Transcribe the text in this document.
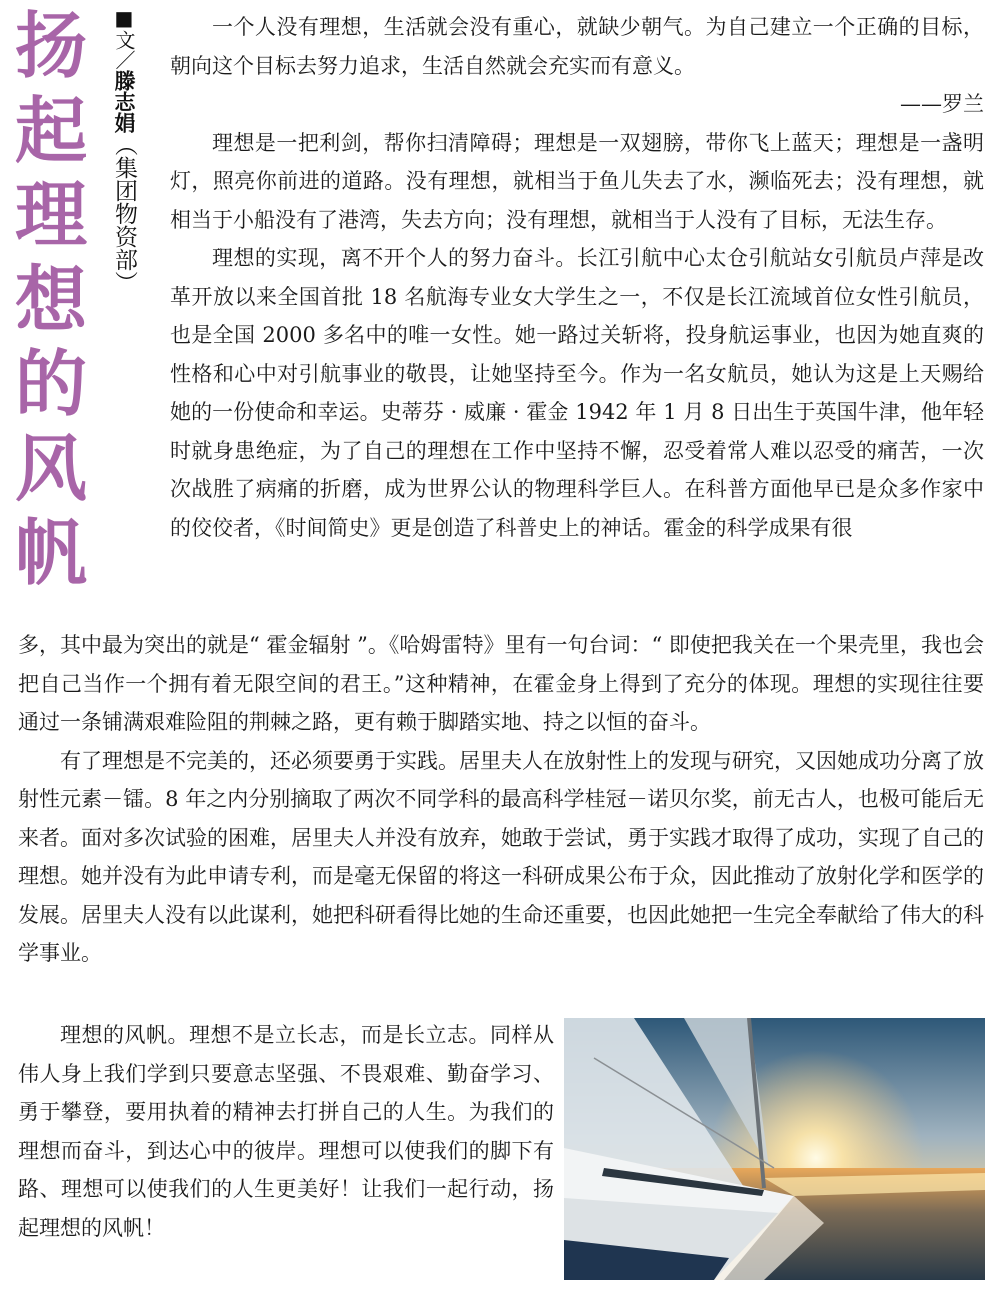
扬
起
理
想
的
风
帆
■文／滕志娟（集团物资部）

一个人没有理想，生活就会没有重心，就缺少朝气。为自己建立一个正确的目标，朝向这个目标去努力追求，生活自然就会充实而有意义。

——罗兰

理想是一把利剑，帮你扫清障碍；理想是一双翅膀，带你飞上蓝天；理想是一盏明灯，照亮你前进的道路。没有理想，就相当于鱼儿失去了水，濒临死去；没有理想，就相当于小船没有了港湾，失去方向；没有理想，就相当于人没有了目标，无法生存。

理想的实现，离不开个人的努力奋斗。长江引航中心太仓引航站女引航员卢萍是改革开放以来全国首批 18 名航海专业女大学生之一，不仅是长江流域首位女性引航员，也是全国 2000 多名中的唯一女性。她一路过关斩将，投身航运事业，也因为她直爽的性格和心中对引航事业的敬畏，让她坚持至今。作为一名女航员，她认为这是上天赐给她的一份使命和幸运。史蒂芬 · 威廉 · 霍金 1942 年 1 月 8 日出生于英国牛津，他年轻时就身患绝症，为了自己的理想在工作中坚持不懈，忍受着常人难以忍受的痛苦，一次次战胜了病痛的折磨，成为世界公认的物理科学巨人。在科普方面他早已是众多作家中的佼佼者，《时间简史》更是创造了科普史上的神话。霍金的科学成果有很

多，其中最为突出的就是“ 霍金辐射 ”。《哈姆雷特》里有一句台词：“ 即使把我关在一个果壳里，我也会把自己当作一个拥有着无限空间的君王。”这种精神，在霍金身上得到了充分的体现。理想的实现往往要通过一条铺满艰难险阻的荆棘之路，更有赖于脚踏实地、持之以恒的奋斗。

有了理想是不完美的，还必须要勇于实践。居里夫人在放射性上的发现与研究，又因她成功分离了放射性元素－镭。8 年之内分别摘取了两次不同学科的最高科学桂冠－诺贝尔奖，前无古人，也极可能后无来者。面对多次试验的困难，居里夫人并没有放弃，她敢于尝试，勇于实践才取得了成功，实现了自己的理想。她并没有为此申请专利，而是毫无保留的将这一科研成果公布于众，因此推动了放射化学和医学的发展。居里夫人没有以此谋利，她把科研看得比她的生命还重要，也因此她把一生完全奉献给了伟大的科学事业。

理想的风帆。理想不是立长志，而是长立志。同样从伟人身上我们学到只要意志坚强、不畏艰难、勤奋学习、勇于攀登，要用执着的精神去打拼自己的人生。为我们的理想而奋斗，到达心中的彼岸。理想可以使我们的脚下有路、理想可以使我们的人生更美好！让我们一起行动，扬起理想的风帆！
